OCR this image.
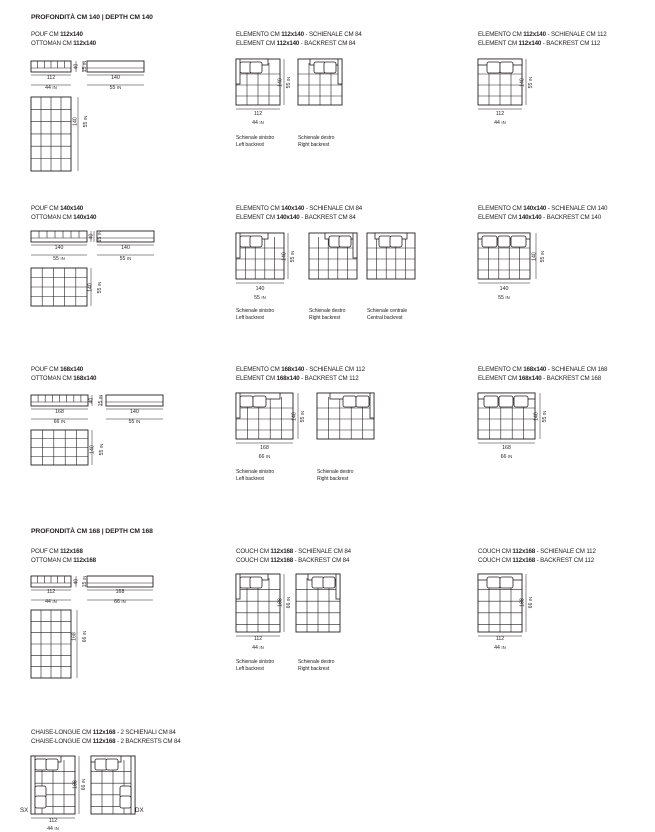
PROFONDITÀ CM 140 | DEPTH CM 140
PROFONDITÀ CM 168 | DEPTH CM 168
POUF CM 112x140
OTTOMAN CM 112x140
ELEMENTO CM 112x140 - SCHIENALE CM 84
ELEMENT CM 112x140 - BACKREST CM 84
ELEMENTO CM 112x140 - SCHIENALE CM 112
ELEMENT CM 112x140 - BACKREST CM 112
POUF CM 140x140
OTTOMAN CM 140x140
ELEMENTO CM 140x140 - SCHIENALE CM 84
ELEMENT CM 140x140 - BACKREST CM 84
ELEMENTO CM 140x140 - SCHIENALE CM 140
ELEMENT CM 140x140 - BACKREST CM 140
POUF CM 168x140
OTTOMAN CM 168x140
ELEMENTO CM 168x140 - SCHIENALE CM 112
ELEMENT CM 168x140 - BACKREST CM 112
ELEMENTO CM 168x140 - SCHIENALE CM 168
ELEMENT CM 168x140 - BACKREST CM 168
POUF CM 112x168
OTTOMAN CM 112x168
COUCH CM 112x168 - SCHIENALE CM 84
COUCH CM 112x168 - BACKREST CM 84
COUCH CM 112x168 - SCHIENALE CM 112
COUCH CM 112x168 - BACKREST CM 112
CHAISE-LONGUE CM 112x168 - 2 SCHIENALI CM 84
CHAISE-LONGUE CM 112x168 - 2 BACKRESTS CM 84
112
44 IN
140
55 IN
40
15 IN
140 55 IN
140 55 IN
112
44 IN
Schienale sinistro
Left backrest
Schienale destro
Right backrest
140 55 IN
112
44 IN
140
55 IN
140
55 IN
40
15 IN
140 55 IN
140 55 IN
140
55 IN
Schienale sinistro
Left backrest
Schienale destro
Right backrest
Schienale centrale
Central backrest
140 55 IN
140
55 IN
168
66 IN
140
55 IN
40
15 IN
140 55 IN
140 55 IN
168
66 IN
Schienale sinistro
Left backrest
Schienale destro
Right backrest
140 55 IN
168
66 IN
112
44 IN
168
66 IN
40
15 IN
168 66 IN
168 66 IN
112
44 IN
Schienale sinistro
Left backrest
Schienale destro
Right backrest
168 66 IN
112
44 IN
168 66 IN
SX	DX
112
44 IN
